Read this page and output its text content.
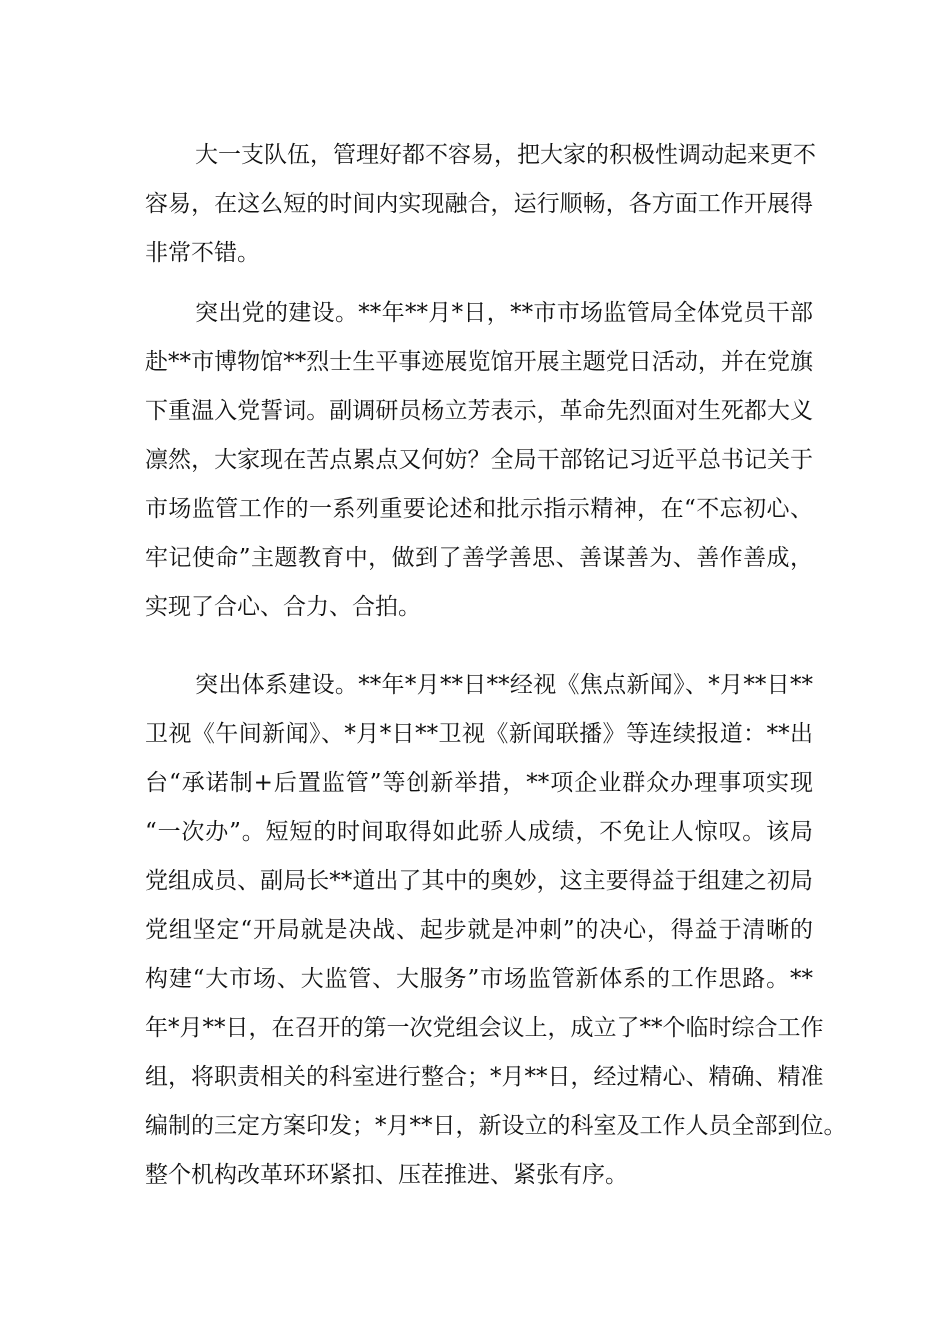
大一支队伍，管理好都不容易，把大家的积极性调动起来更不
容易，在这么短的时间内实现融合，运行顺畅，各方面工作开展得
非常不错。
突出党的建设。**年**月*日，**市市场监管局全体党员干部
赴**市博物馆**烈士生平事迹展览馆开展主题党日活动，并在党旗
下重温入党誓词。副调研员杨立芳表示，革命先烈面对生死都大义
凛然，大家现在苦点累点又何妨？全局干部铭记习近平总书记关于
市场监管工作的一系列重要论述和批示指示精神，在“不忘初心、
牢记使命”主题教育中，做到了善学善思、善谋善为、善作善成，
实现了合心、合力、合拍。
突出体系建设。**年*月**日**经视《焦点新闻》、*月**日**
卫视《午间新闻》、*月*日**卫视《新闻联播》等连续报道：**出
台“承诺制+后置监管”等创新举措，**项企业群众办理事项实现
“一次办”。短短的时间取得如此骄人成绩，不免让人惊叹。该局
党组成员、副局长**道出了其中的奥妙，这主要得益于组建之初局
党组坚定“开局就是决战、起步就是冲刺”的决心，得益于清晰的
构建“大市场、大监管、大服务”市场监管新体系的工作思路。**
年*月**日，在召开的第一次党组会议上，成立了**个临时综合工作
组，将职责相关的科室进行整合；*月**日，经过精心、精确、精准
编制的三定方案印发；*月**日，新设立的科室及工作人员全部到位。
整个机构改革环环紧扣、压茬推进、紧张有序。
